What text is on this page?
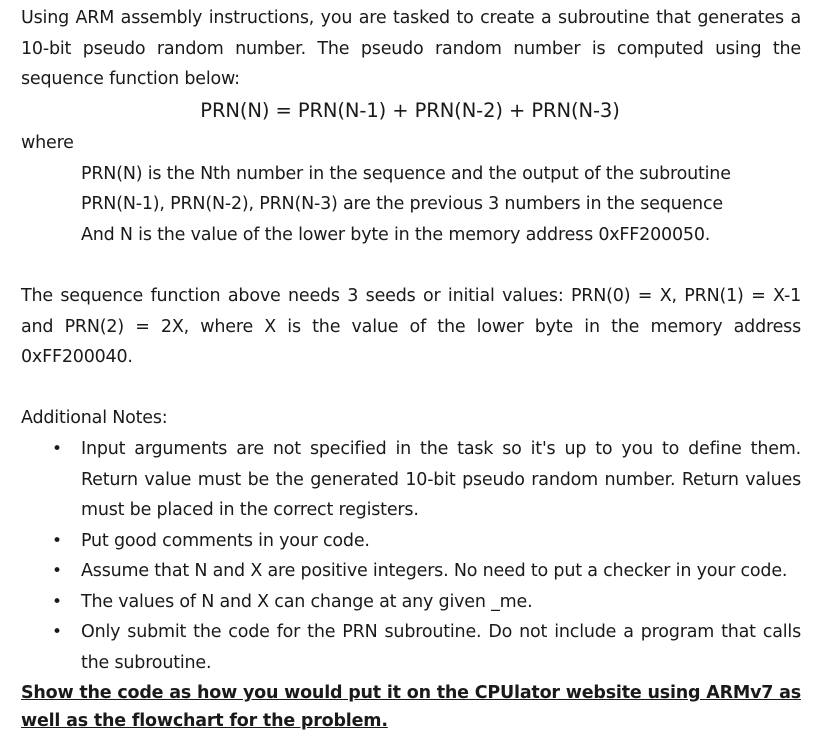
Using ARM assembly instructions, you are tasked to create a subroutine that generates a 10-bit pseudo random number. The pseudo random number is computed using the sequence function below:

PRN(N) = PRN(N-1) + PRN(N-2) + PRN(N-3)

where

PRN(N) is the Nth number in the sequence and the output of the subroutine

PRN(N-1), PRN(N-2), PRN(N-3) are the previous 3 numbers in the sequence

And N is the value of the lower byte in the memory address 0xFF200050.

The sequence function above needs 3 seeds or initial values: PRN(0) = X, PRN(1) = X-1 and PRN(2) = 2X, where X is the value of the lower byte in the memory address 0xFF200040.

Additional Notes:

• Input arguments are not specified in the task so it's up to you to define them. Return value must be the generated 10-bit pseudo random number. Return values must be placed in the correct registers.
• Put good comments in your code.
• Assume that N and X are positive integers. No need to put a checker in your code.
• The values of N and X can change at any given _me.
• Only submit the code for the PRN subroutine. Do not include a program that calls the subroutine.

Show the code as how you would put it on the CPUlator website using ARMv7 as well as the flowchart for the problem.
